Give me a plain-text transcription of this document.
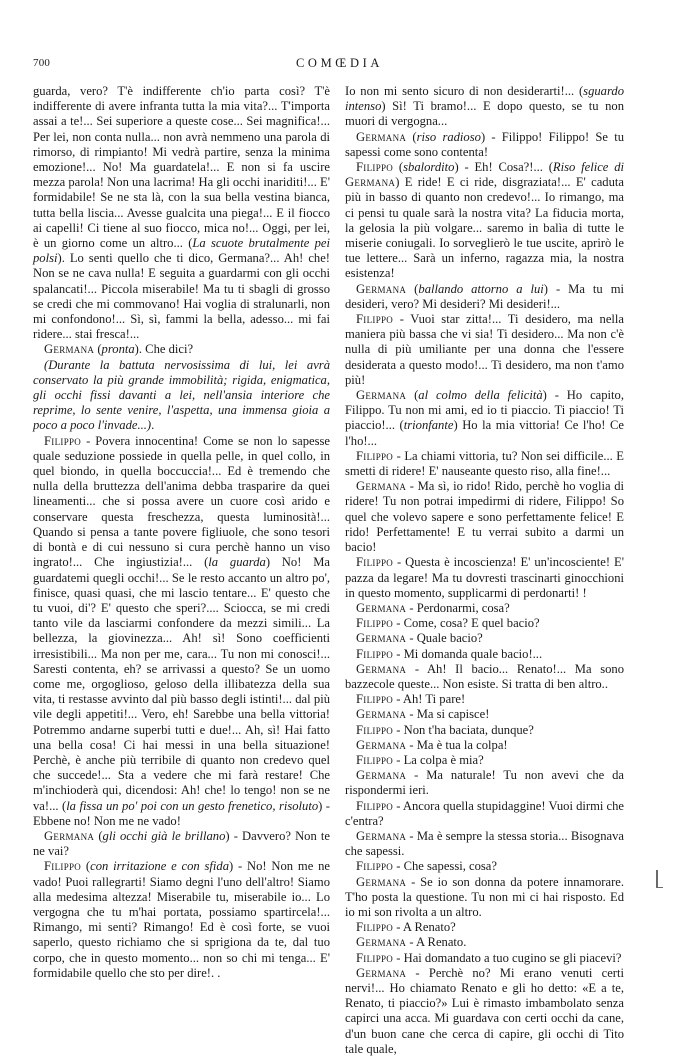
700	COMŒDIA

guarda, vero? T'è indifferente ch'io parta così? T'è indifferente di avere infranta tutta la mia vita?... T'importa assai a te!... Sei superiore a queste cose... Sei magnifica!... Per lei, non conta nulla... non avrà nemmeno una parola di rimorso, di rimpianto! Mi vedrà partire, senza la minima emozione!... No! Ma guardatela!... E non si fa uscire mezza parola! Non una lacrima! Ha gli occhi inariditi!... E' formidabile! Se ne sta là, con la sua bella vestina bianca, tutta bella liscia... Avesse gualcita una piega!... E il fiocco ai capelli! Ci tiene al suo fiocco, mica no!... Oggi, per lei, è un giorno come un altro... (La scuote brutalmente pei polsi). Lo senti quello che ti dico, Germana?... Ah! che! Non se ne cava nulla! E seguita a guardarmi con gli occhi spalancati!... Piccola miserabile! Ma tu ti sbagli di grosso se credi che mi commovano! Hai voglia di stralunarli, non mi confondono!... Sì, sì, fammi la bella, adesso... mi fai ridere... stai fresca!...

Germana (pronta). Che dici?

(Durante la battuta nervosissima di lui, lei avrà conservato la più grande immobilità; rigida, enigmatica, gli occhi fissi davanti a lei, nell'ansia interiore che reprime, lo sente venire, l'aspetta, una immensa gioia a poco a poco l'invade...).

Filippo - Povera innocentina! Come se non lo sapesse quale seduzione possiede in quella pelle, in quel collo, in quel biondo, in quella boccuccia!... Ed è tremendo che nulla della bruttezza dell'anima debba trasparire da quei lineamenti... che si possa avere un cuore così arido e conservare questa freschezza, questa luminosità!... Quando si pensa a tante povere figliuole, che sono tesori di bontà e di cui nessuno si cura perchè hanno un viso ingrato!... Che ingiustizia!... (la guarda) No! Ma guardatemi quegli occhi!... Se le resto accanto un altro po', finisce, quasi quasi, che mi lascio tentare... E' questo che tu vuoi, di'? E' questo che speri?.... Sciocca, se mi credi tanto vile da lasciarmi confondere da mezzi simili... La bellezza, la giovinezza... Ah! sì! Sono coefficienti irresistibili... Ma non per me, cara... Tu non mi conosci!... Saresti contenta, eh? se arrivassi a questo? Se un uomo come me, orgoglioso, geloso della illibatezza della sua vita, ti restasse avvinto dal più basso degli istinti!... dal più vile degli appetiti!... Vero, eh! Sarebbe una bella vittoria! Potremmo andarne superbi tutti e due!... Ah, sì! Hai fatto una bella cosa! Ci hai messi in una bella situazione! Perchè, è anche più terribile di quanto non credevo quel che succede!... Sta a vedere che mi farà restare! Che m'inchioderà qui, dicendosi: Ah! che! lo tengo! non se ne va!... (la fissa un po' poi con un gesto frenetico, risoluto) - Ebbene no! Non me ne vado!

Germana (gli occhi già le brillano) - Davvero? Non te ne vai?

Filippo (con irritazione e con sfida) - No! Non me ne vado! Puoi rallegrarti! Siamo degni l'uno dell'altro! Siamo alla medesima altezza! Miserabile tu, miserabile io... Lo vergogna che tu m'hai portata, possiamo spartircela!... Rimango, mi senti? Rimango! Ed è così forte, se vuoi saperlo, questo richiamo che si sprigiona da te, dal tuo corpo, che in questo momento... non so chi mi tenga... E' formidabile quello che sto per dire!. .

Io non mi sento sicuro di non desiderarti!... (sguardo intenso) Sì! Ti bramo!... E dopo questo, se tu non muori di vergogna...

Germana (riso radioso) - Filippo! Filippo! Se tu sapessi come sono contenta!

Filippo (sbalordito) - Eh! Cosa?!... (Riso felice di Germana) E ride! E ci ride, disgraziata!... E' caduta più in basso di quanto non credevo!... Io rimango, ma ci pensi tu quale sarà la nostra vita? La fiducia morta, la gelosia la più volgare... saremo in balìa di tutte le miserie coniugali. Io sorveglierò le tue uscite, aprirò le tue lettere... Sarà un inferno, ragazza mia, la nostra esistenza!

Germana (ballando attorno a lui) - Ma tu mi desideri, vero? Mi desideri? Mi desideri!...

Filippo - Vuoi star zitta!... Ti desidero, ma nella maniera più bassa che vi sia! Ti desidero... Ma non c'è nulla di più umiliante per una donna che l'essere desiderata a questo modo!... Ti desidero, ma non t'amo più!

Germana (al colmo della felicità) - Ho capito, Filippo. Tu non mi ami, ed io ti piaccio. Ti piaccio! Ti piaccio!... (trionfante) Ho la mia vittoria! Ce l'ho! Ce l'ho!...

Filippo - La chiami vittoria, tu? Non sei difficile... E smetti di ridere! E' nauseante questo riso, alla fine!...

Germana - Ma sì, io rido! Rido, perchè ho voglia di ridere! Tu non potrai impedirmi di ridere, Filippo! So quel che volevo sapere e sono perfettamente felice! E rido! Perfettamente! E tu verrai subito a darmi un bacio!

Filippo - Questa è incoscienza! E' un'incosciente! E' pazza da legare! Ma tu dovresti trascinarti ginocchioni in questo momento, supplicarmi di perdonarti! !

Germana - Perdonarmi, cosa?

Filippo - Come, cosa? E quel bacio?

Germana - Quale bacio?

Filippo - Mi domanda quale bacio!...

Germana - Ah! Il bacio... Renato!... Ma sono bazzecole queste... Non esiste. Si tratta di ben altro..

Filippo - Ah! Ti pare!

Germana - Ma si capisce!

Filippo - Non t'ha baciata, dunque?

Germana - Ma è tua la colpa!

Filippo - La colpa è mia?

Germana - Ma naturale! Tu non avevi che da rispondermi ieri.

Filippo - Ancora quella stupidaggine! Vuoi dirmi che c'entra?

Germana - Ma è sempre la stessa storia... Bisognava che sapessi.

Filippo - Che sapessi, cosa?

Germana - Se io son donna da potere innamorare. T'ho posta la questione. Tu non mi ci hai risposto. Ed io mi son rivolta a un altro.

Filippo - A Renato?

Germana - A Renato.

Filippo - Hai domandato a tuo cugino se gli piacevi?

Germana - Perchè no? Mi erano venuti certi nervi!... Ho chiamato Renato e gli ho detto: «E a te, Renato, ti piaccio?» Lui è rimasto imbambolato senza capirci una acca. Mi guardava con certi occhi da cane, d'un buon cane che cerca di capire, gli occhi di Tito tale quale,
